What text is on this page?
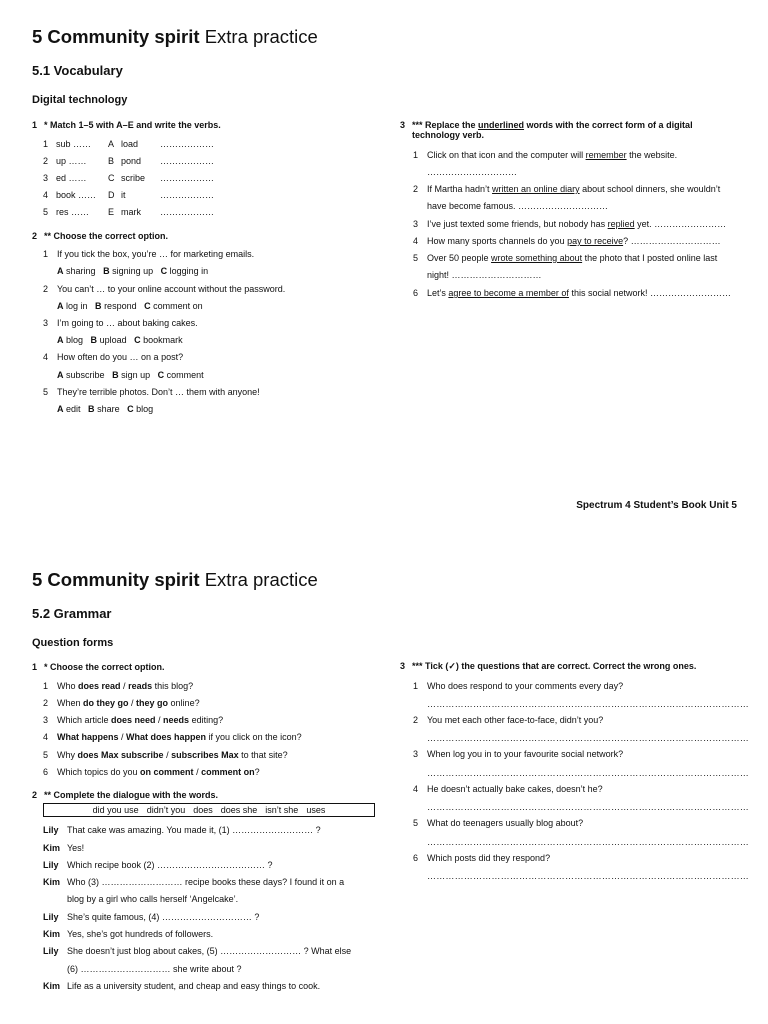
5 Community spirit Extra practice
5.1 Vocabulary
Digital technology
1 * Match 1–5 with A–E and write the verbs.
1 sub …… A load ………………
2 up …… B pond ………………
3 ed …… C scribe ………………
4 book …… D it	………………
5 res …… E mark ………………
2 ** Choose the correct option.
1 If you tick the box, you’re … for marketing emails.
A sharing B signing up C logging in
2 You can’t … to your online account without the password.
A log in B respond C comment on
3 I’m going to … about baking cakes.
A blog B upload C bookmark
4 How often do you … on a post?
A subscribe B sign up C comment
5 They’re terrible photos. Don’t … them with anyone!
A edit B share C blog
3 *** Replace the underlined words with the correct form of a digital
technology verb.
1 Click on that icon and the computer will remember the website.
…………………………
2 If Martha hadn’t written an online diary about school dinners, she wouldn’t
have become famous. …………………………
3 I’ve just texted some friends, but nobody has replied yet. ……………………
4 How many sports channels do you pay to receive? …………………………
5 Over 50 people wrote something about the photo that I posted online last
night! …………………………
6 Let’s agree to become a member of this social network! ………………………
Spectrum 4 Student’s Book Unit 5
5 Community spirit Extra practice
5.2 Grammar
Question forms
1 * Choose the correct option.
1 Who does read / reads this blog?
2 When do they go / they go online?
3 Which article does need / needs editing?
4 What happens / What does happen if you click on the icon?
5 Why does Max subscribe / subscribes Max to that site?
6 Which topics do you on comment / comment on?
2 ** Complete the dialogue with the words.
did you use didn’t you does does she isn’t she uses
Lily That cake was amazing. You made it, (1) ……………………… ?
Kim Yes!
Lily Which recipe book (2) ……………………………… ?
Kim Who (3) ……………………… recipe books these days? I found it on a
blog by a girl who calls herself ‘Angelcake’.
Lily She’s quite famous, (4) ………………………… ?
Kim Yes, she’s got hundreds of followers.
Lily She doesn’t just blog about cakes, (5) ……………………… ? What else
(6) ………………………… she write about ?
Kim Life as a university student, and cheap and easy things to cook.
3 *** Tick (✓) the questions that are correct. Correct the wrong ones.
1 Who does respond to your comments every day?
……………………………………………………………………………………………
2 You met each other face-to-face, didn’t you?
……………………………………………………………………………………………
3 When log you in to your favourite social network?
……………………………………………………………………………………………
4 He doesn’t actually bake cakes, doesn’t he?
……………………………………………………………………………………………
5 What do teenagers usually blog about?
……………………………………………………………………………………………
6 Which posts did they respond?
……………………………………………………………………………………………
